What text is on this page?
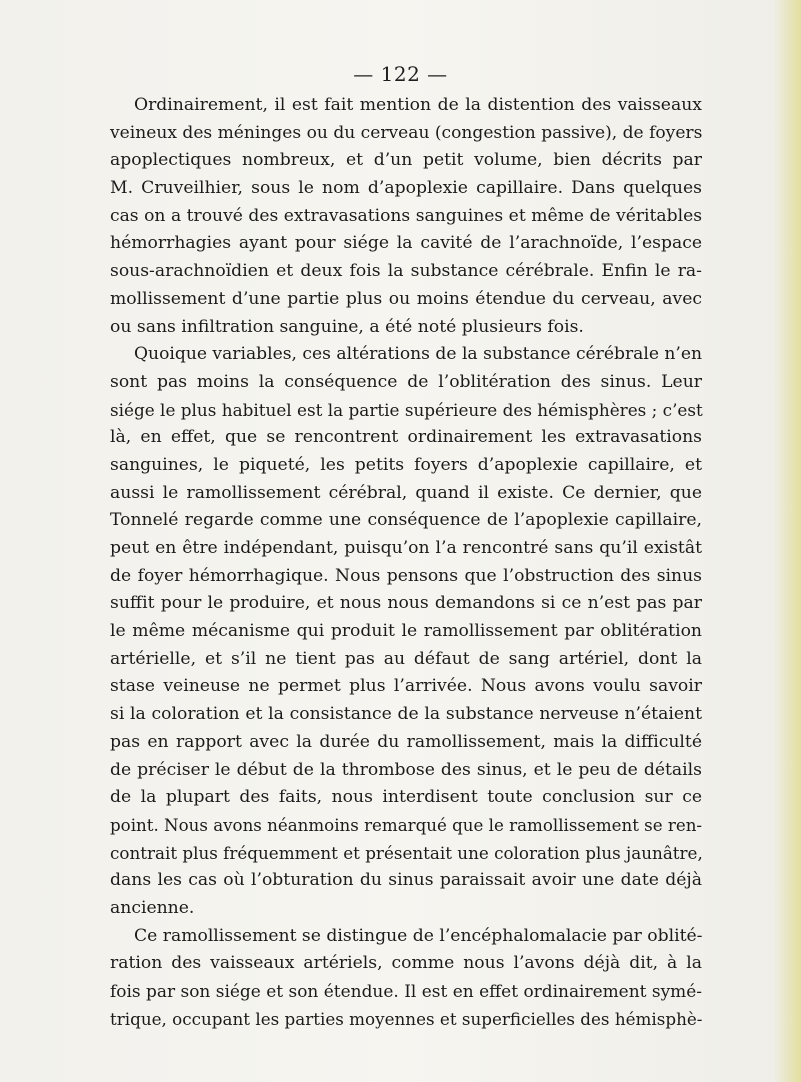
— 122 —
Ordinairement, il est fait mention de la distention des vaisseaux
veineux des méninges ou du cerveau (congestion passive), de foyers
apoplectiques nombreux, et d’un petit volume, bien décrits par
M. Cruveilhier, sous le nom d’apoplexie capillaire. Dans quelques
cas on a trouvé des extravasations sanguines et même de véritables
hémorrhagies ayant pour siége la cavité de l’arachnoïde, l’espace
sous-arachnoïdien et deux fois la substance cérébrale. Enfin le ra-
mollissement d’une partie plus ou moins étendue du cerveau, avec
ou sans infiltration sanguine, a été noté plusieurs fois.
Quoique variables, ces altérations de la substance cérébrale n’en
sont pas moins la conséquence de l’oblitération des sinus. Leur
siége le plus habituel est la partie supérieure des hémisphères ; c’est
là, en effet, que se rencontrent ordinairement les extravasations
sanguines, le piqueté, les petits foyers d’apoplexie capillaire, et
aussi le ramollissement cérébral, quand il existe. Ce dernier, que
Tonnelé regarde comme une conséquence de l’apoplexie capillaire,
peut en être indépendant, puisqu’on l’a rencontré sans qu’il existât
de foyer hémorrhagique. Nous pensons que l’obstruction des sinus
suffit pour le produire, et nous nous demandons si ce n’est pas par
le même mécanisme qui produit le ramollissement par oblitération
artérielle, et s’il ne tient pas au défaut de sang artériel, dont la
stase veineuse ne permet plus l’arrivée. Nous avons voulu savoir
si la coloration et la consistance de la substance nerveuse n’étaient
pas en rapport avec la durée du ramollissement, mais la difficulté
de préciser le début de la thrombose des sinus, et le peu de détails
de la plupart des faits, nous interdisent toute conclusion sur ce
point. Nous avons néanmoins remarqué que le ramollissement se ren-
contrait plus fréquemment et présentait une coloration plus jaunâtre,
dans les cas où l’obturation du sinus paraissait avoir une date déjà
ancienne.
Ce ramollissement se distingue de l’encéphalomalacie par oblité-
ration des vaisseaux artériels, comme nous l’avons déjà dit, à la
fois par son siége et son étendue. Il est en effet ordinairement symé-
trique, occupant les parties moyennes et superficielles des hémisphè-
